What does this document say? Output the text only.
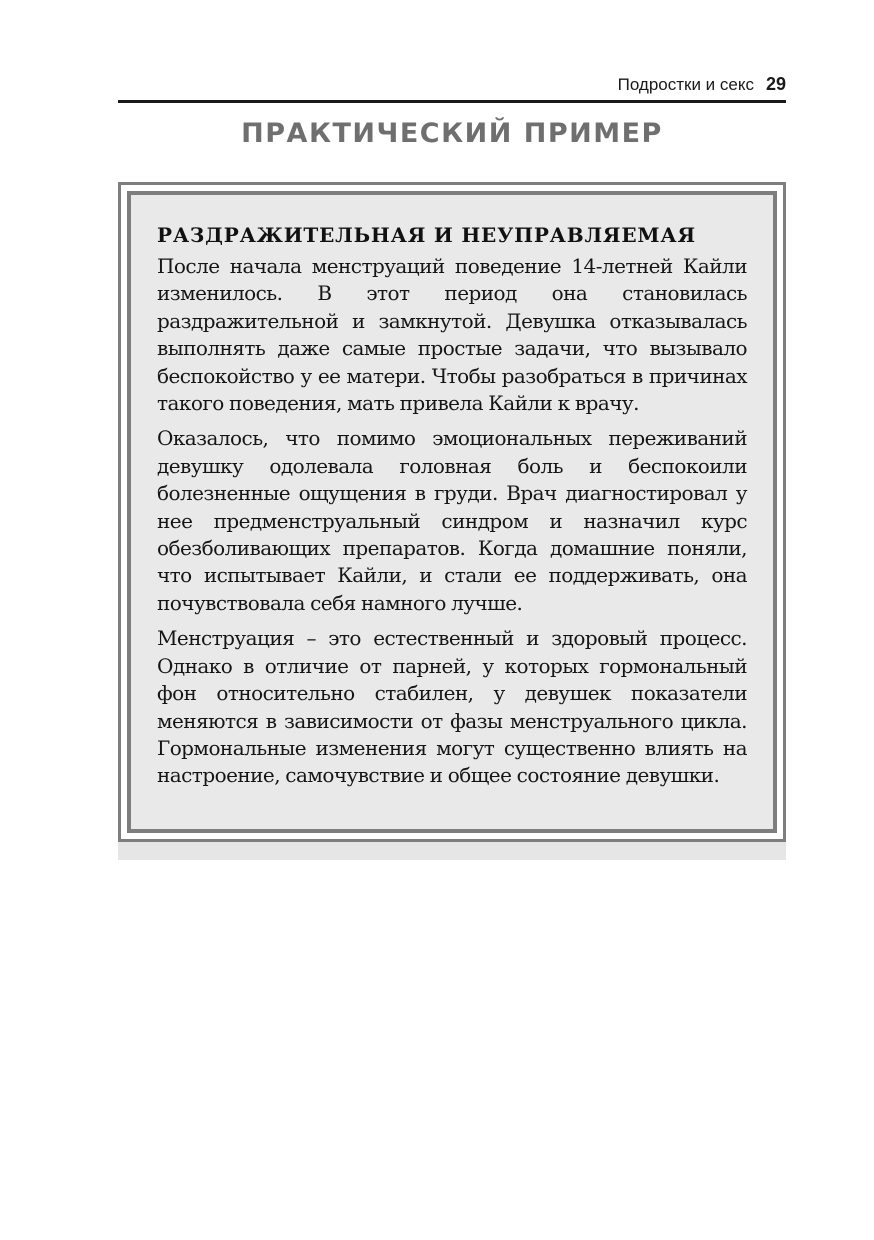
Подростки и секс 29
ПРАКТИЧЕСКИЙ ПРИМЕР
РАЗДРАЖИТЕЛЬНАЯ И НЕУПРАВЛЯЕМАЯ

После начала менструаций поведение 14-летней Кайли изменилось. В этот период она становилась раздражительной и замкнутой. Девушка отказывалась выполнять даже самые простые задачи, что вызывало беспокойство у ее матери. Чтобы разобраться в причинах такого поведения, мать привела Кайли к врачу.

Оказалось, что помимо эмоциональных переживаний девушку одолевала головная боль и беспокоили болезненные ощущения в груди. Врач диагностировал у нее предменструальный синдром и назначил курс обезболивающих препаратов. Когда домашние поняли, что испытывает Кайли, и стали ее поддерживать, она почувствовала себя намного лучше.

Менструация – это естественный и здоровый процесс. Однако в отличие от парней, у которых гормональный фон относительно стабилен, у девушек показатели меняются в зависимости от фазы менструального цикла. Гормональные изменения могут существенно влиять на настроение, самочувствие и общее состояние девушки.
